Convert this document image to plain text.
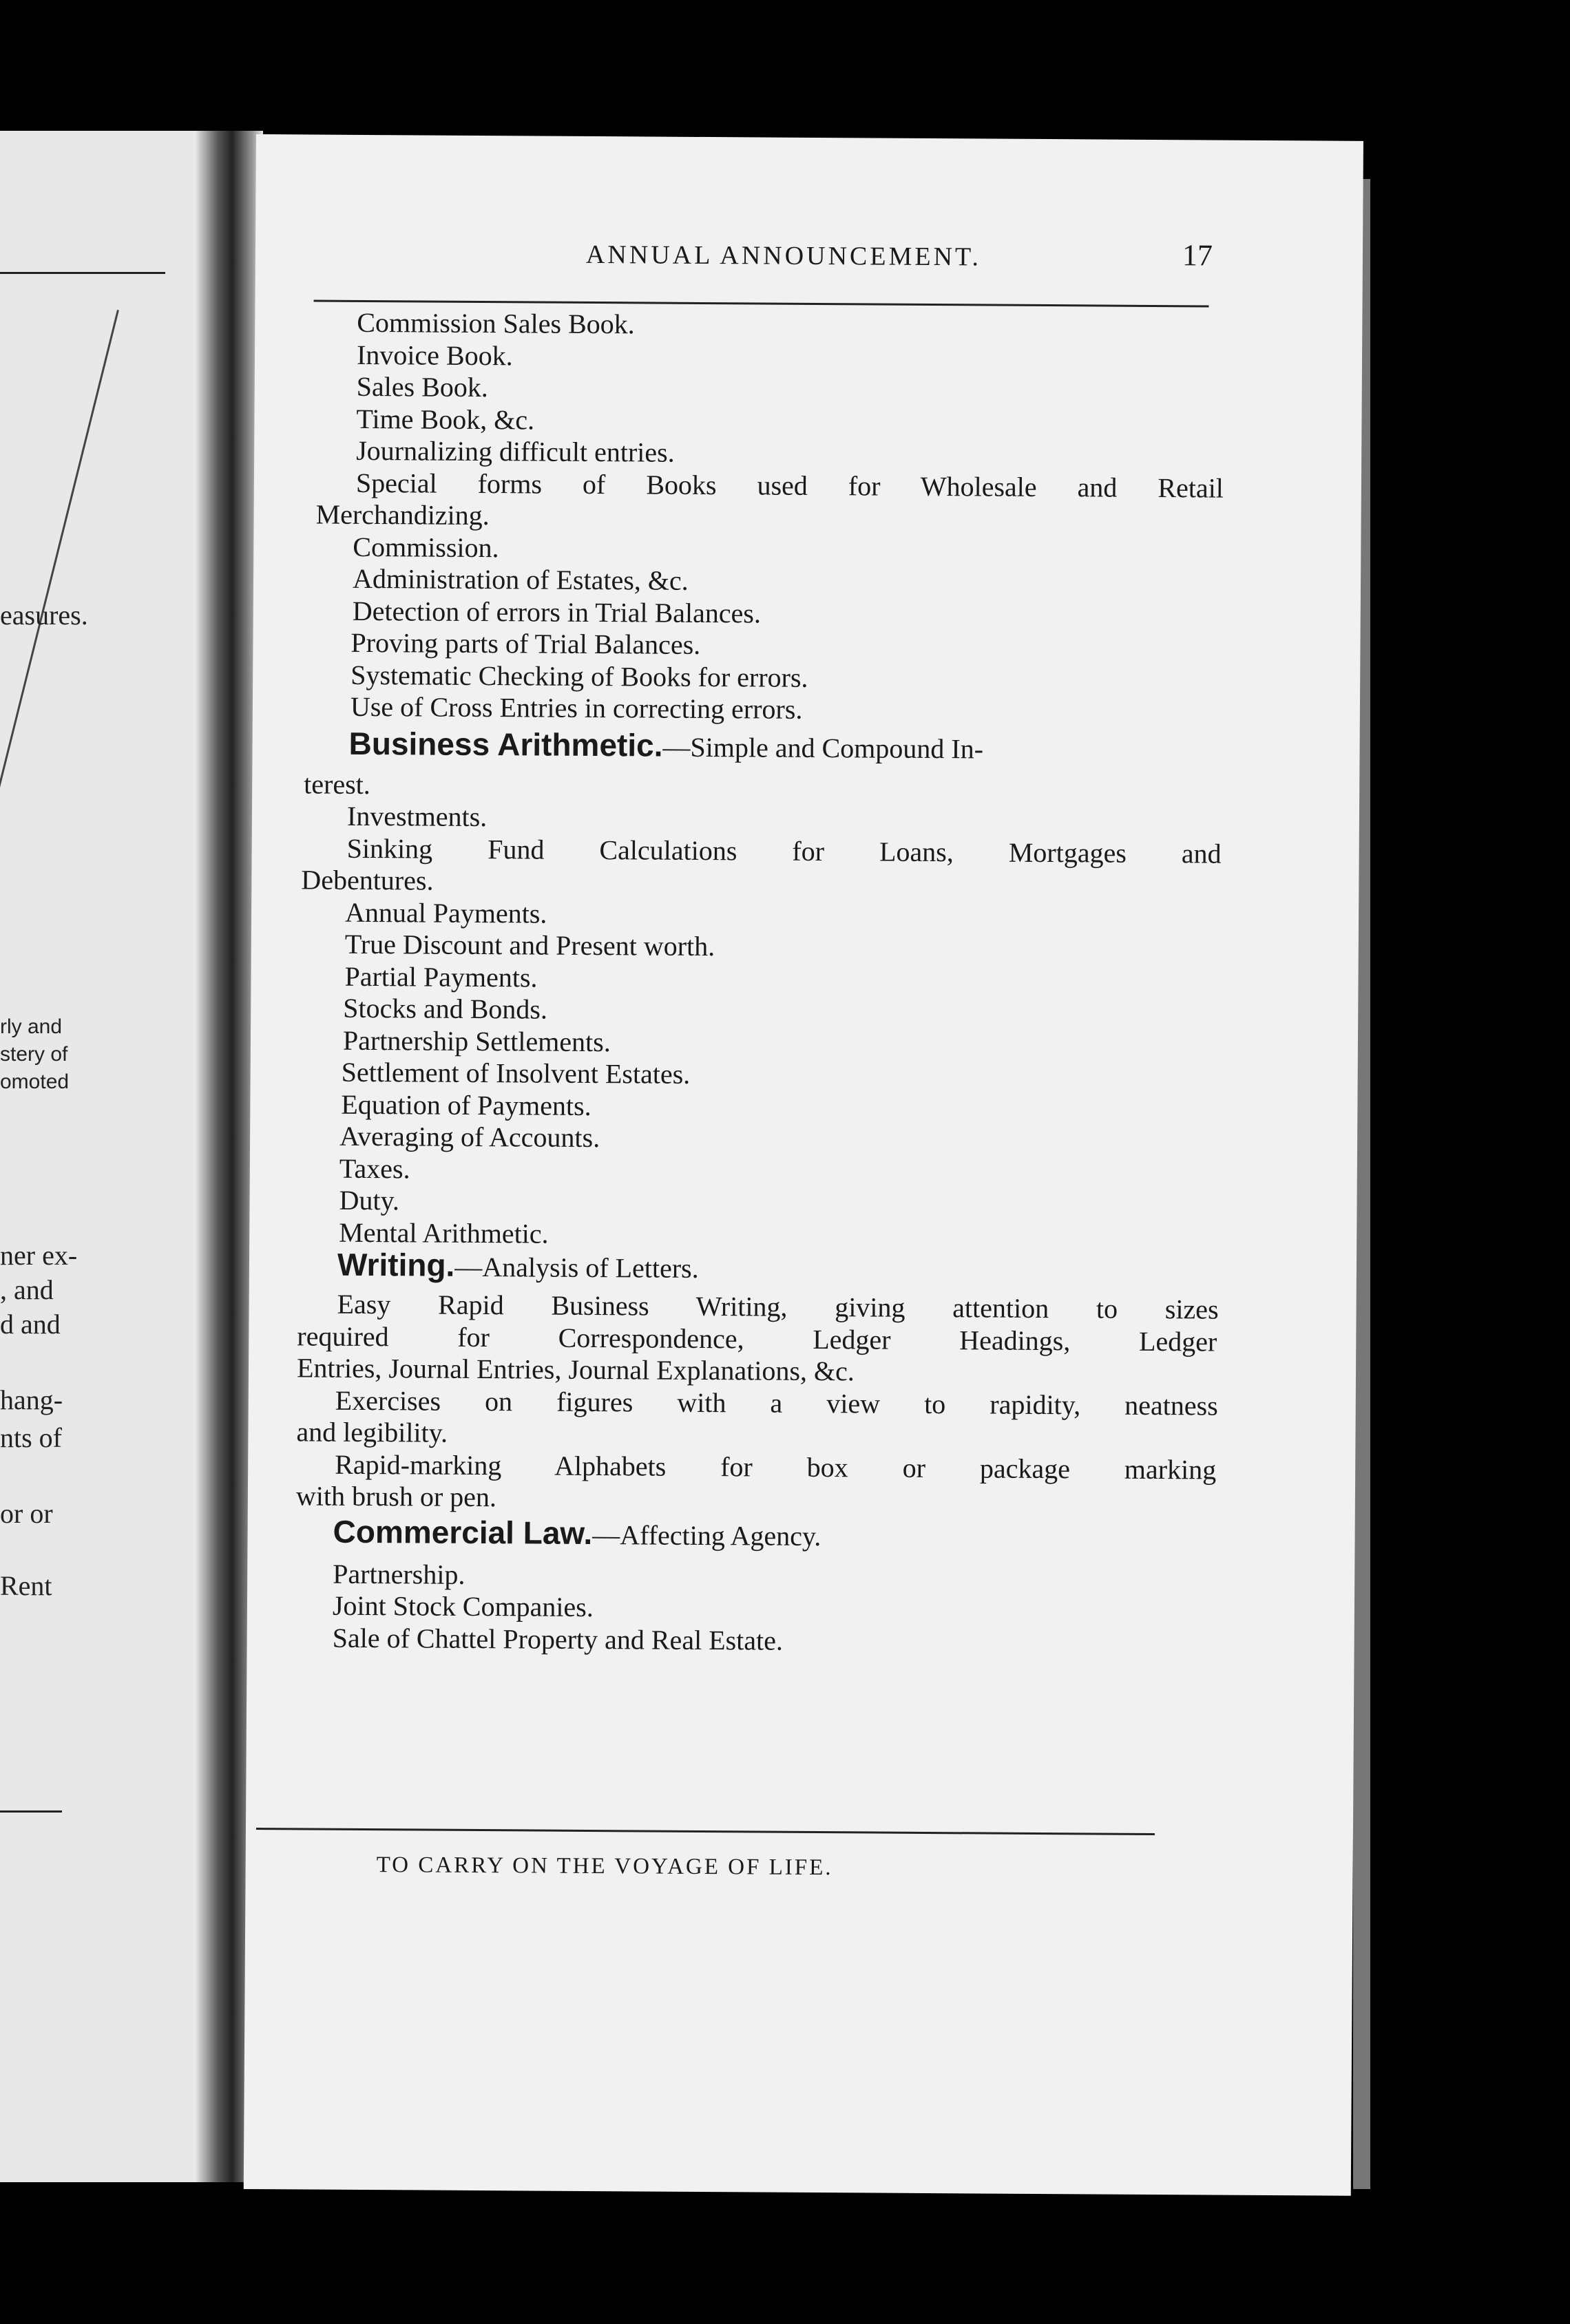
easures.
rly and
stery of
omoted
ner ex-
, and
d and
hang-
nts of
or or
Rent
ANNUAL ANNOUNCEMENT.	17
Commission Sales Book.
Invoice Book.
Sales Book.
Time Book, &c.
Journalizing difficult entries.
Special forms of Books used for Wholesale and Retail
Merchandizing.
Commission.
Administration of Estates, &c.
Detection of errors in Trial Balances.
Proving parts of Trial Balances.
Systematic Checking of Books for errors.
Use of Cross Entries in correcting errors.
Business Arithmetic.—Simple and Compound In-
terest.
Investments.
Sinking Fund Calculations for Loans, Mortgages and
Debentures.
Annual Payments.
True Discount and Present worth.
Partial Payments.
Stocks and Bonds.
Partnership Settlements.
Settlement of Insolvent Estates.
Equation of Payments.
Averaging of Accounts.
Taxes.
Duty.
Mental Arithmetic.
Writing.—Analysis of Letters.
Easy Rapid Business Writing, giving attention to sizes
required for Correspondence, Ledger Headings, Ledger
Entries, Journal Entries, Journal Explanations, &c.
Exercises on figures with a view to rapidity, neatness
and legibility.
Rapid-marking Alphabets for box or package marking
with brush or pen.
Commercial Law.—Affecting Agency.
Partnership.
Joint Stock Companies.
Sale of Chattel Property and Real Estate.
TO CARRY ON THE VOYAGE OF LIFE.
